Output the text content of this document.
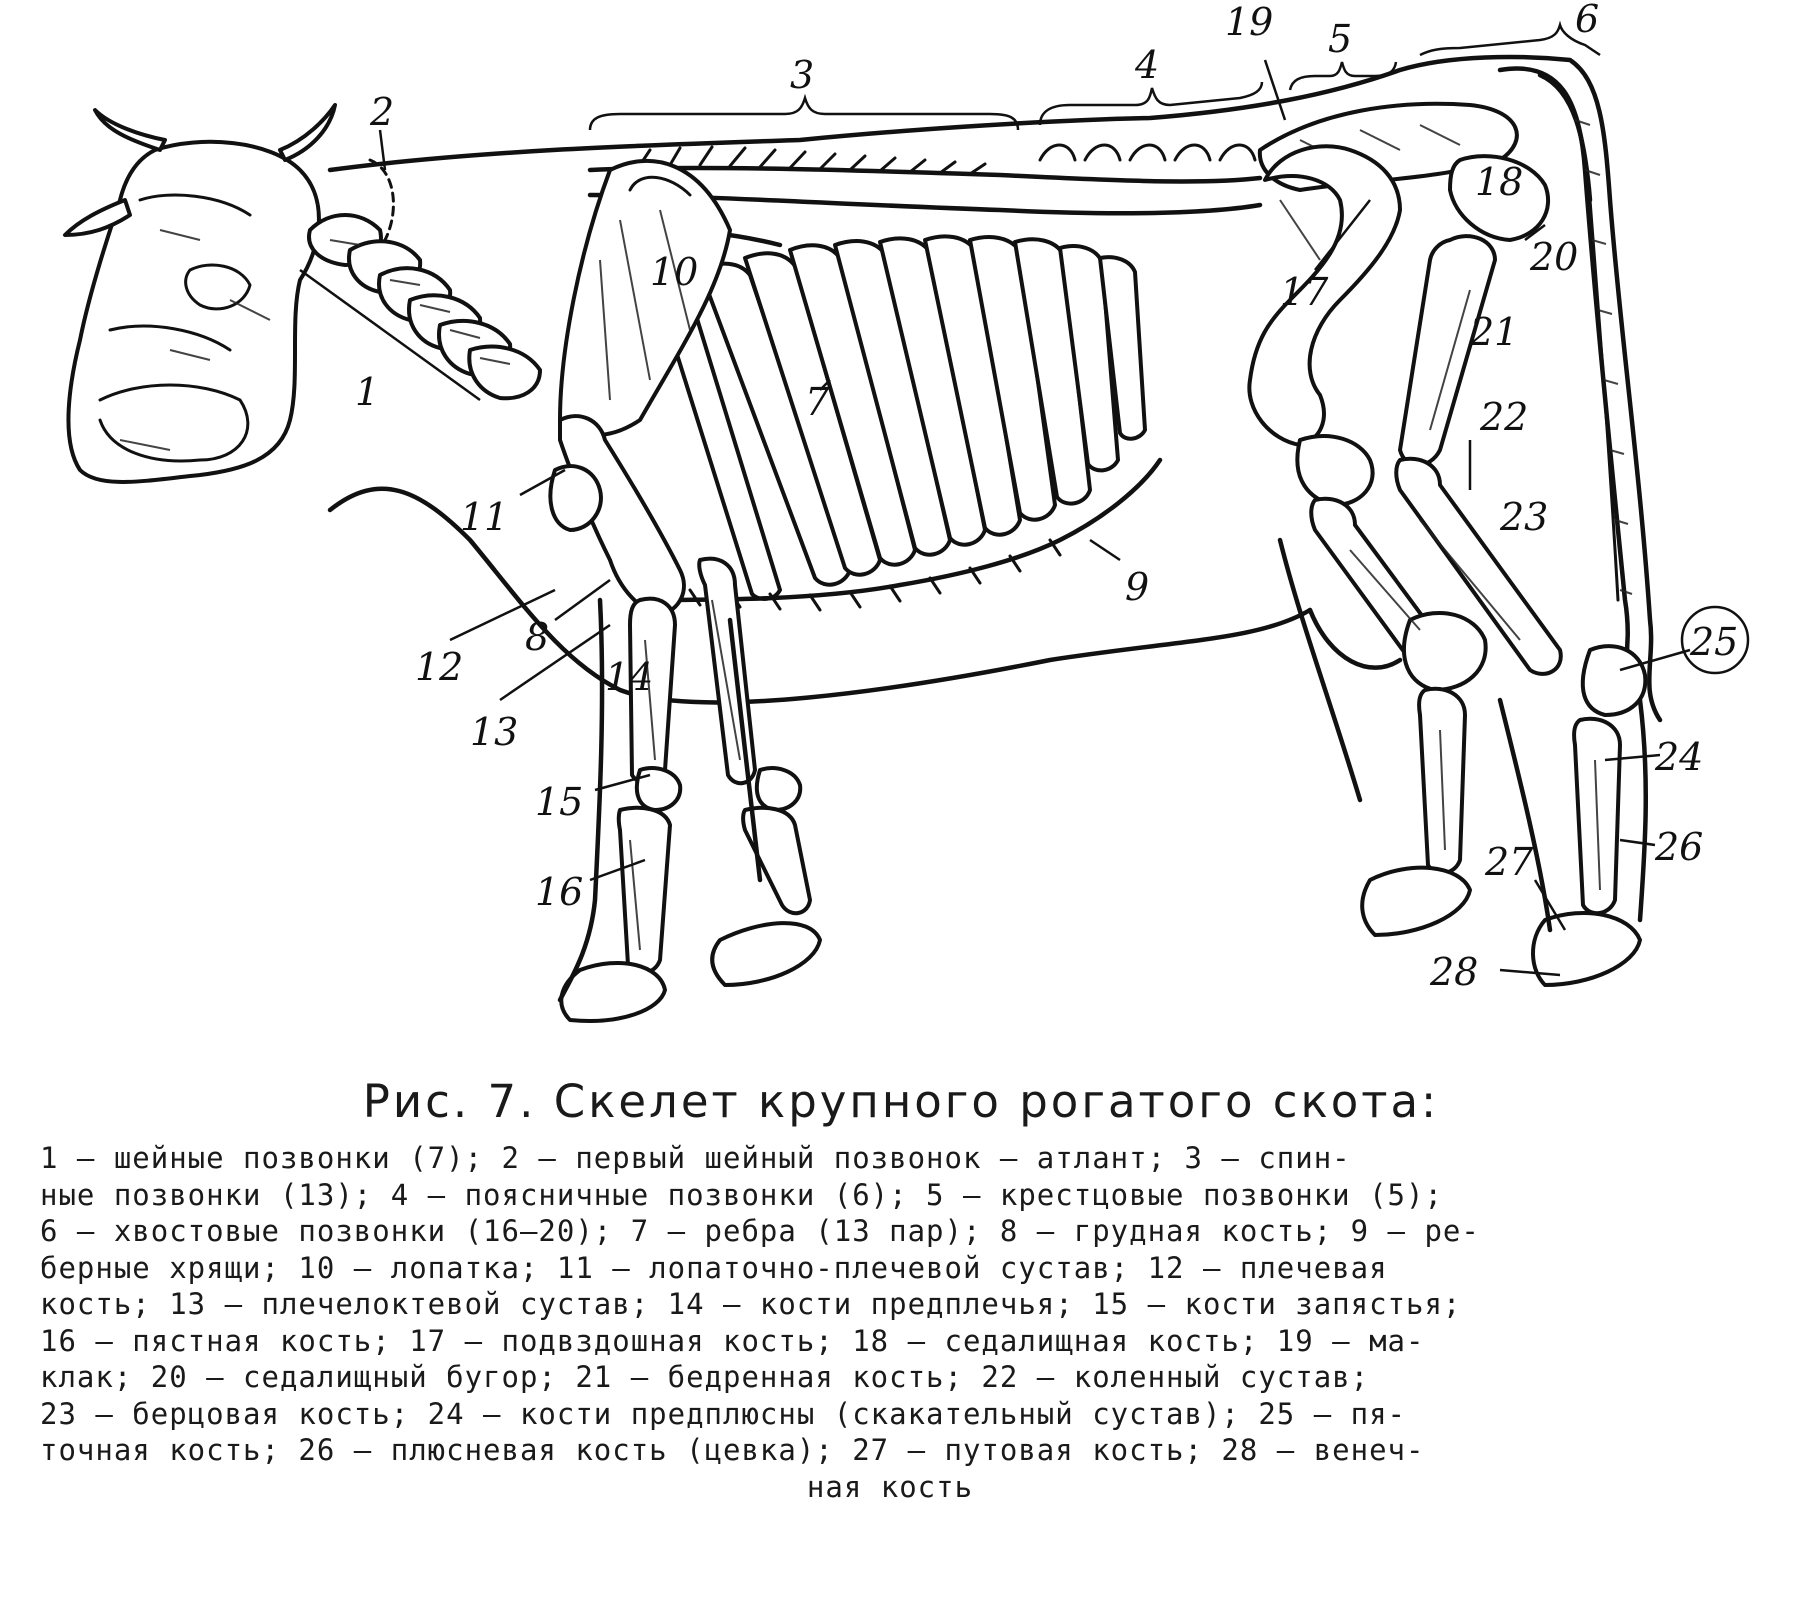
1
2
3	4
5	6
7
8
9
10
11
12
13
14
15
16
17
18
19
20
21
22
23
24
25
26
27
28
Рис. 7. Скелет крупного рогатого скота:
1 — шейные позвонки (7); 2 — первый шейный позвонок — атлант; 3 — спин-
ные позвонки (13); 4 — поясничные позвонки (6); 5 — крестцовые позвонки (5);
6 — хвостовые позвонки (16—20); 7 — ребра (13 пар); 8 — грудная кость; 9 — ре-
берные хрящи; 10 — лопатка; 11 — лопаточно-плечевой сустав; 12 — плечевая
кость; 13 — плечелоктевой сустав; 14 — кости предплечья; 15 — кости запястья;
16 — пястная кость; 17 — подвздошная кость; 18 — седалищная кость; 19 — ма-
клак; 20 — седалищный бугор; 21 — бедренная кость; 22 — коленный сустав;
23 — берцовая кость; 24 — кости предплюсны (скакательный сустав); 25 — пя-
точная кость; 26 — плюсневая кость (цевка); 27 — путовая кость; 28 — венеч-
ная кость
